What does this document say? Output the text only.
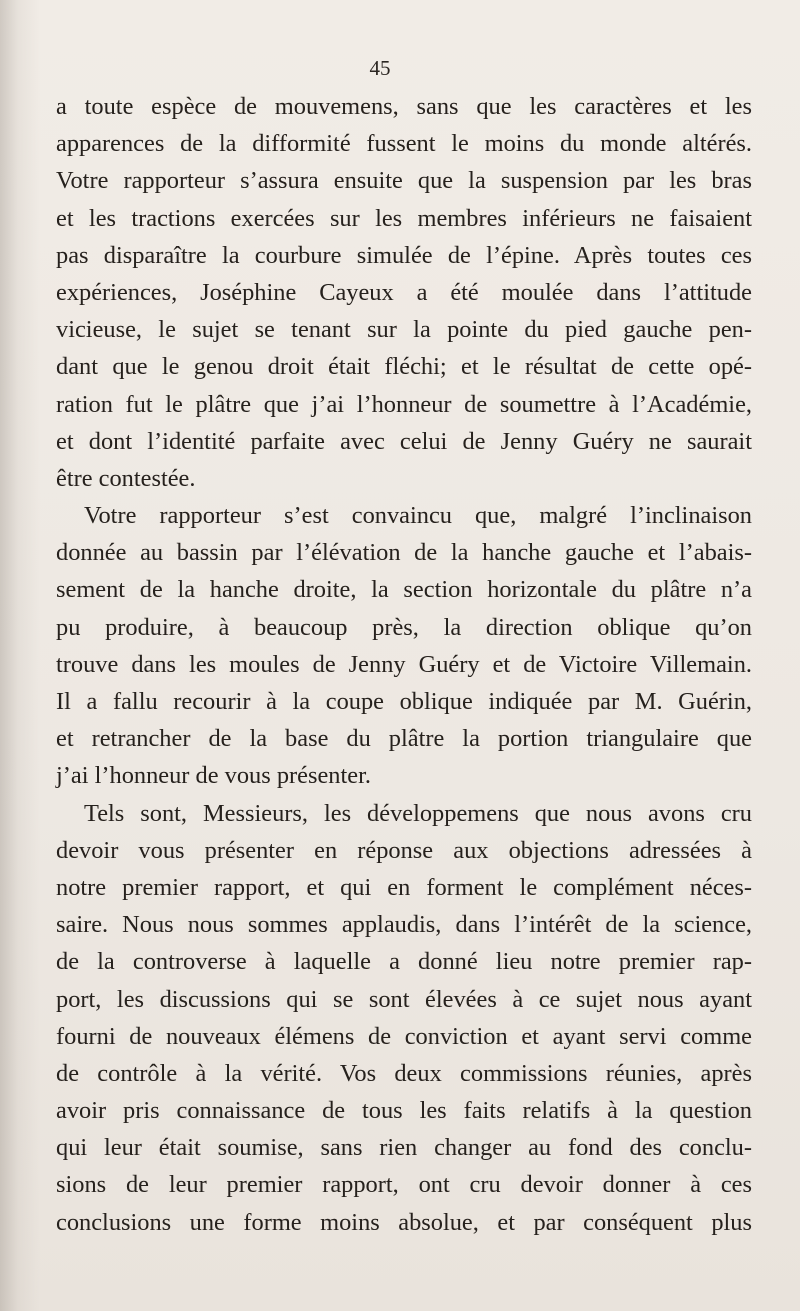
45
a toute espèce de mouvemens, sans que les caractères et les
apparences de la difformité fussent le moins du monde altérés.
Votre rapporteur s’assura ensuite que la suspension par les bras
et les tractions exercées sur les membres inférieurs ne faisaient
pas disparaître la courbure simulée de l’épine. Après toutes ces
expériences, Joséphine Cayeux a été moulée dans l’attitude
vicieuse, le sujet se tenant sur la pointe du pied gauche pen-
dant que le genou droit était fléchi; et le résultat de cette opé-
ration fut le plâtre que j’ai l’honneur de soumettre à l’Académie,
et dont l’identité parfaite avec celui de Jenny Guéry ne saurait
être contestée.
Votre rapporteur s’est convaincu que, malgré l’inclinaison
donnée au bassin par l’élévation de la hanche gauche et l’abais-
sement de la hanche droite, la section horizontale du plâtre n’a
pu produire, à beaucoup près, la direction oblique qu’on
trouve dans les moules de Jenny Guéry et de Victoire Villemain.
Il a fallu recourir à la coupe oblique indiquée par M. Guérin,
et retrancher de la base du plâtre la portion triangulaire que
j’ai l’honneur de vous présenter.
Tels sont, Messieurs, les développemens que nous avons cru
devoir vous présenter en réponse aux objections adressées à
notre premier rapport, et qui en forment le complément néces-
saire. Nous nous sommes applaudis, dans l’intérêt de la science,
de la controverse à laquelle a donné lieu notre premier rap-
port, les discussions qui se sont élevées à ce sujet nous ayant
fourni de nouveaux élémens de conviction et ayant servi comme
de contrôle à la vérité. Vos deux commissions réunies, après
avoir pris connaissance de tous les faits relatifs à la question
qui leur était soumise, sans rien changer au fond des conclu-
sions de leur premier rapport, ont cru devoir donner à ces
conclusions une forme moins absolue, et par conséquent plus
